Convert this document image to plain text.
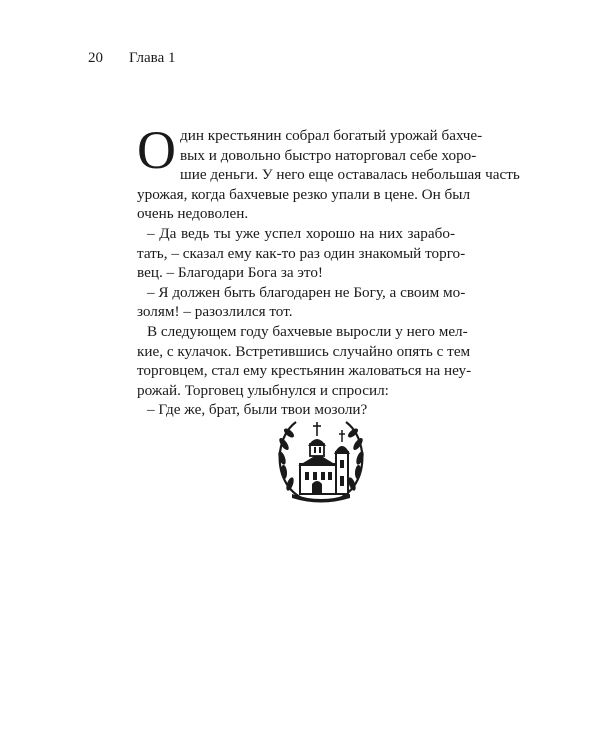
20 Глава 1
О дин крестьянин собрал богатый урожай бахче-

вых и довольно быстро наторговал себе хоро-

шие деньги. У него еще оставалась небольшая часть

урожая, когда бахчевые резко упали в цене. Он был

очень недоволен.

– Да ведь ты уже успел хорошо на них зарабо-

тать, – сказал ему как-то раз один знакомый торго-

вец. – Благодари Бога за это!

– Я должен быть благодарен не Богу, а своим мо-

золям! – разозлился тот.

В следующем году бахчевые выросли у него мел-

кие, с кулачок. Встретившись случайно опять с тем

торговцем, стал ему крестьянин жаловаться на неу-

рожай. Торговец улыбнулся и спросил:

– Где же, брат, были твои мозоли?
